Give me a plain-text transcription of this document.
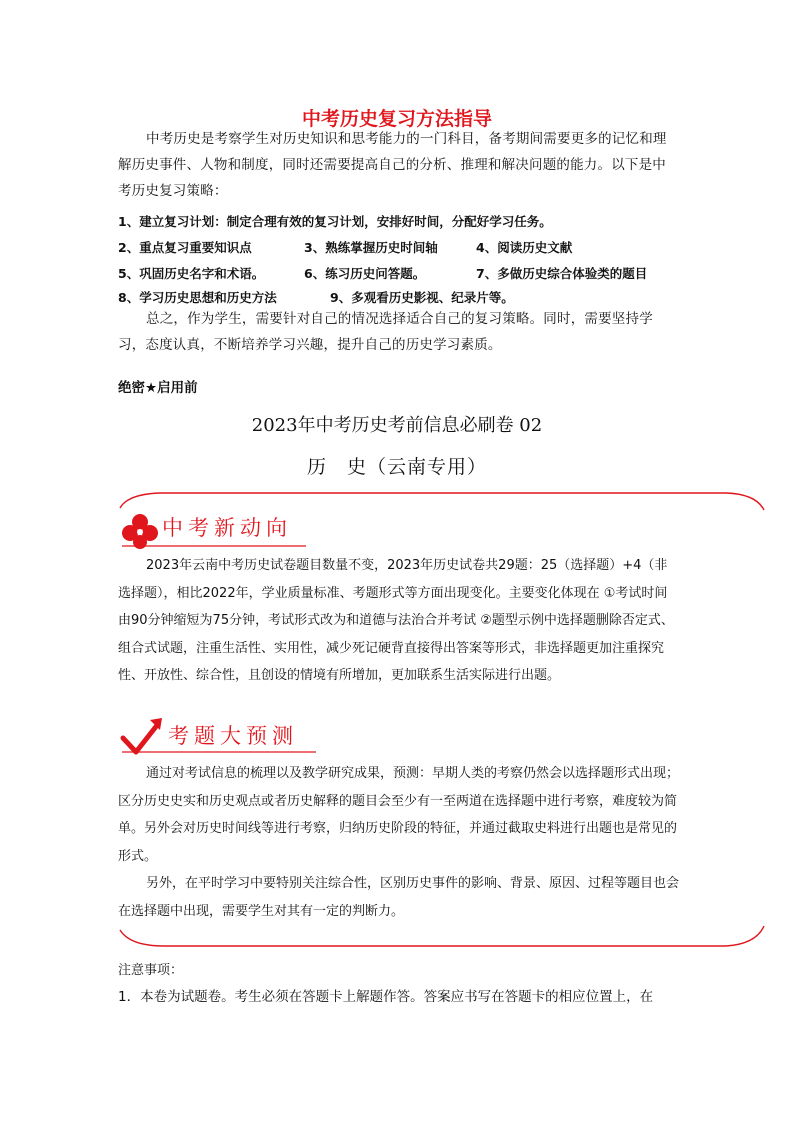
中考历史复习方法指导
中考历史是考察学生对历史知识和思考能力的一门科目，备考期间需要更多的记忆和理解历史事件、人物和制度，同时还需要提高自己的分析、推理和解决问题的能力。以下是中考历史复习策略：
1、建立复习计划：制定合理有效的复习计划，安排好时间，分配好学习任务。
2、重点复习重要知识点	3、熟练掌握历史时间轴	4、阅读历史文献
5、巩固历史名字和术语。	6、练习历史问答题。	7、多做历史综合体验类的题目
8、学习历史思想和历史方法	9、多观看历史影视、纪录片等。
总之，作为学生，需要针对自己的情况选择适合自己的复习策略。同时，需要坚持学习，态度认真，不断培养学习兴趣，提升自己的历史学习素质。
绝密★启用前
2023年中考历史考前信息必刷卷 02
历　史（云南专用）
中考新动向
2023年云南中考历史试卷题目数量不变，2023年历史试卷共29题：25（选择题）+4（非选择题），相比2022年，学业质量标准、考题形式等方面出现变化。主要变化体现在 ①考试时间由90分钟缩短为75分钟，考试形式改为和道德与法治合并考试 ②题型示例中选择题删除否定式、组合式试题，注重生活性、实用性，减少死记硬背直接得出答案等形式，非选择题更加注重探究性、开放性、综合性，且创设的情境有所增加，更加联系生活实际进行出题。
考题大预测
通过对考试信息的梳理以及教学研究成果，预测：早期人类的考察仍然会以选择题形式出现；区分历史史实和历史观点或者历史解释的题目会至少有一至两道在选择题中进行考察，难度较为简单。另外会对历史时间线等进行考察，归纳历史阶段的特征，并通过截取史料进行出题也是常见的形式。
另外，在平时学习中要特别关注综合性，区别历史事件的影响、背景、原因、过程等题目也会在选择题中出现，需要学生对其有一定的判断力。
注意事项：
1．本卷为试题卷。考生必须在答题卡上解题作答。答案应书写在答题卡的相应位置上，在
